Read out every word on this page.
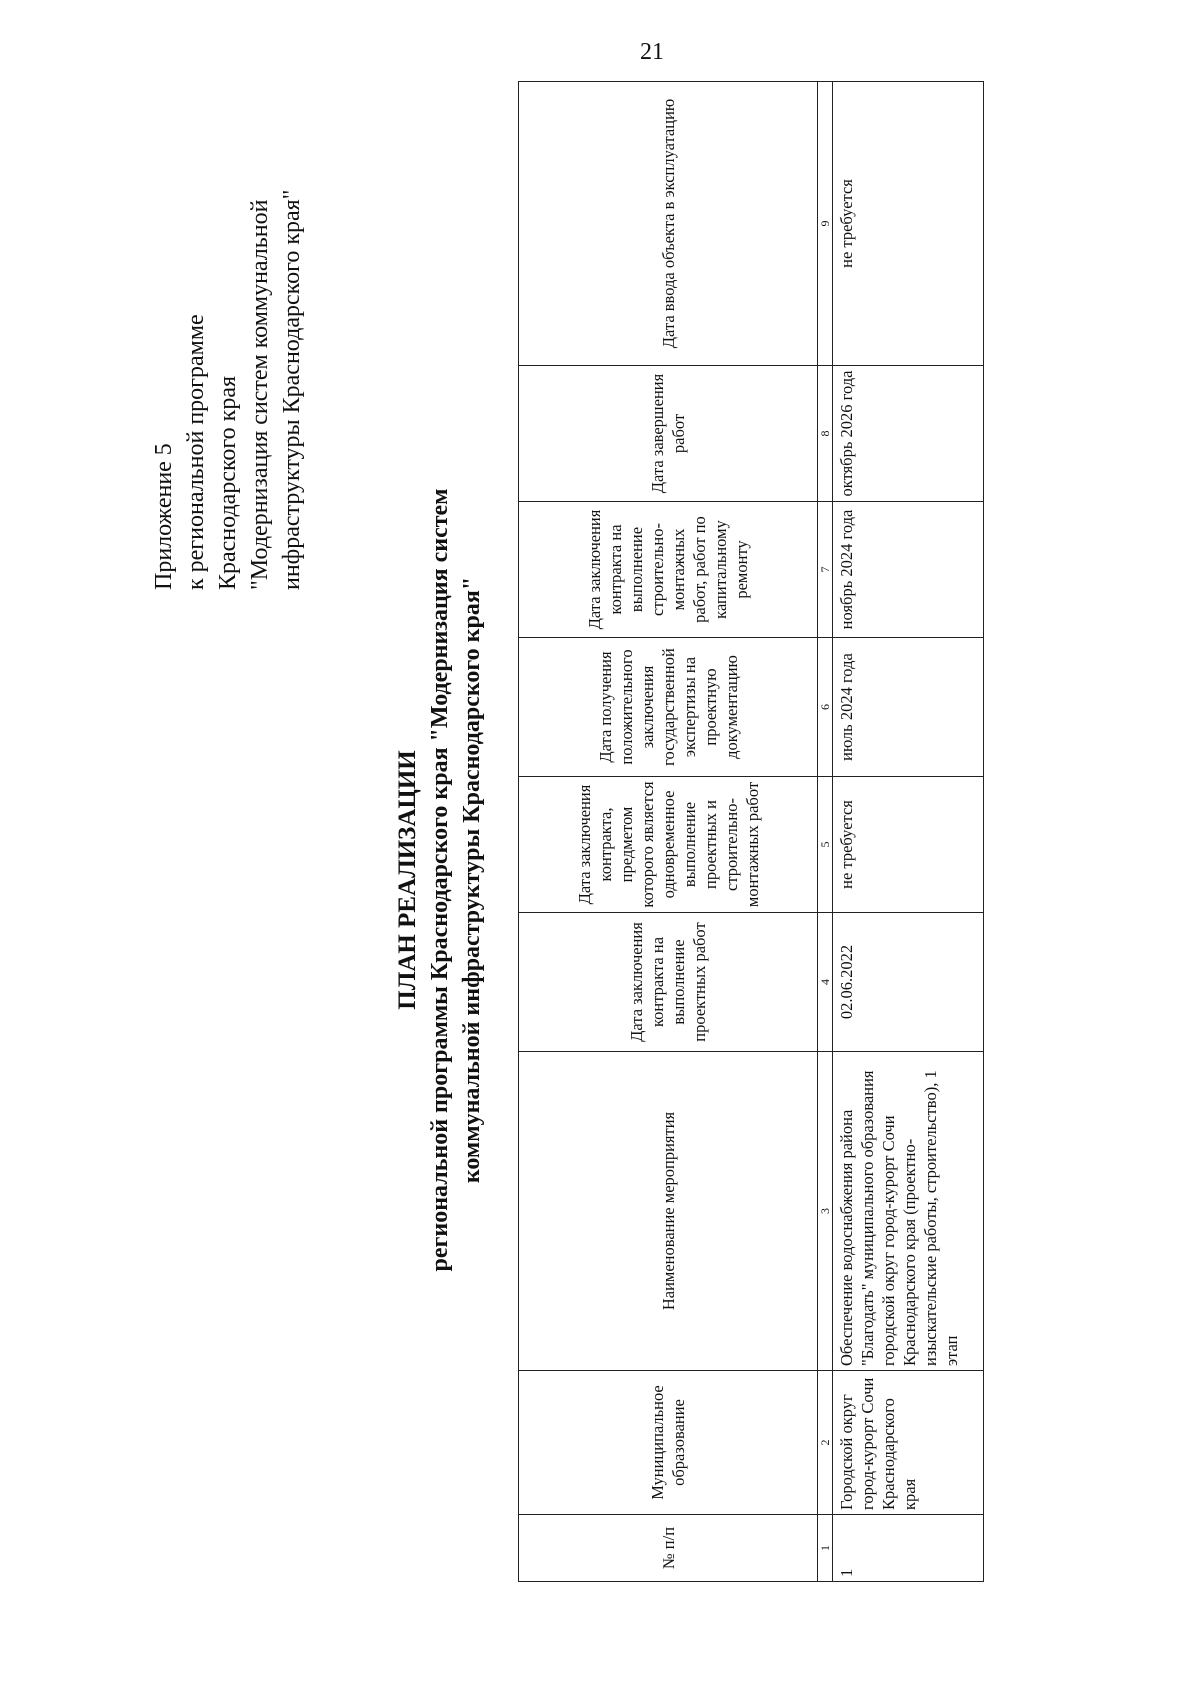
21
Приложение 5 к региональной программе Краснодарского края "Модернизация систем коммунальной инфраструктуры Краснодарского края"
ПЛАН РЕАЛИЗАЦИИ региональной программы Краснодарского края "Модернизация систем коммунальной инфраструктуры Краснодарского края"
№ п/п	Муниципальное образование	Наименование мероприятия	Дата заключения контракта на выполнение проектных работ	Дата заключения контракта, предметом которого является одновременное выполнение проектных и строительно-монтажных работ	Дата получения положительного заключения государственной экспертизы на проектную документацию	Дата заключения контракта на выполнение строительно-монтажных работ, работ по капитальному ремонту	Дата завершения работ	Дата ввода объекта в эксплуатацию
1	2	3	4	5	6	7	8	9
1	Городской округ город-курорт Сочи Краснодарского края	Обеспечение водоснабжения района "Благодать" муниципального образования городской округ город-курорт Сочи Краснодарского края (проектно-изыскательские работы, строительство), 1 этап	02.06.2022	не требуется	июль 2024 года	ноябрь 2024 года	октябрь 2026 года	не требуется
